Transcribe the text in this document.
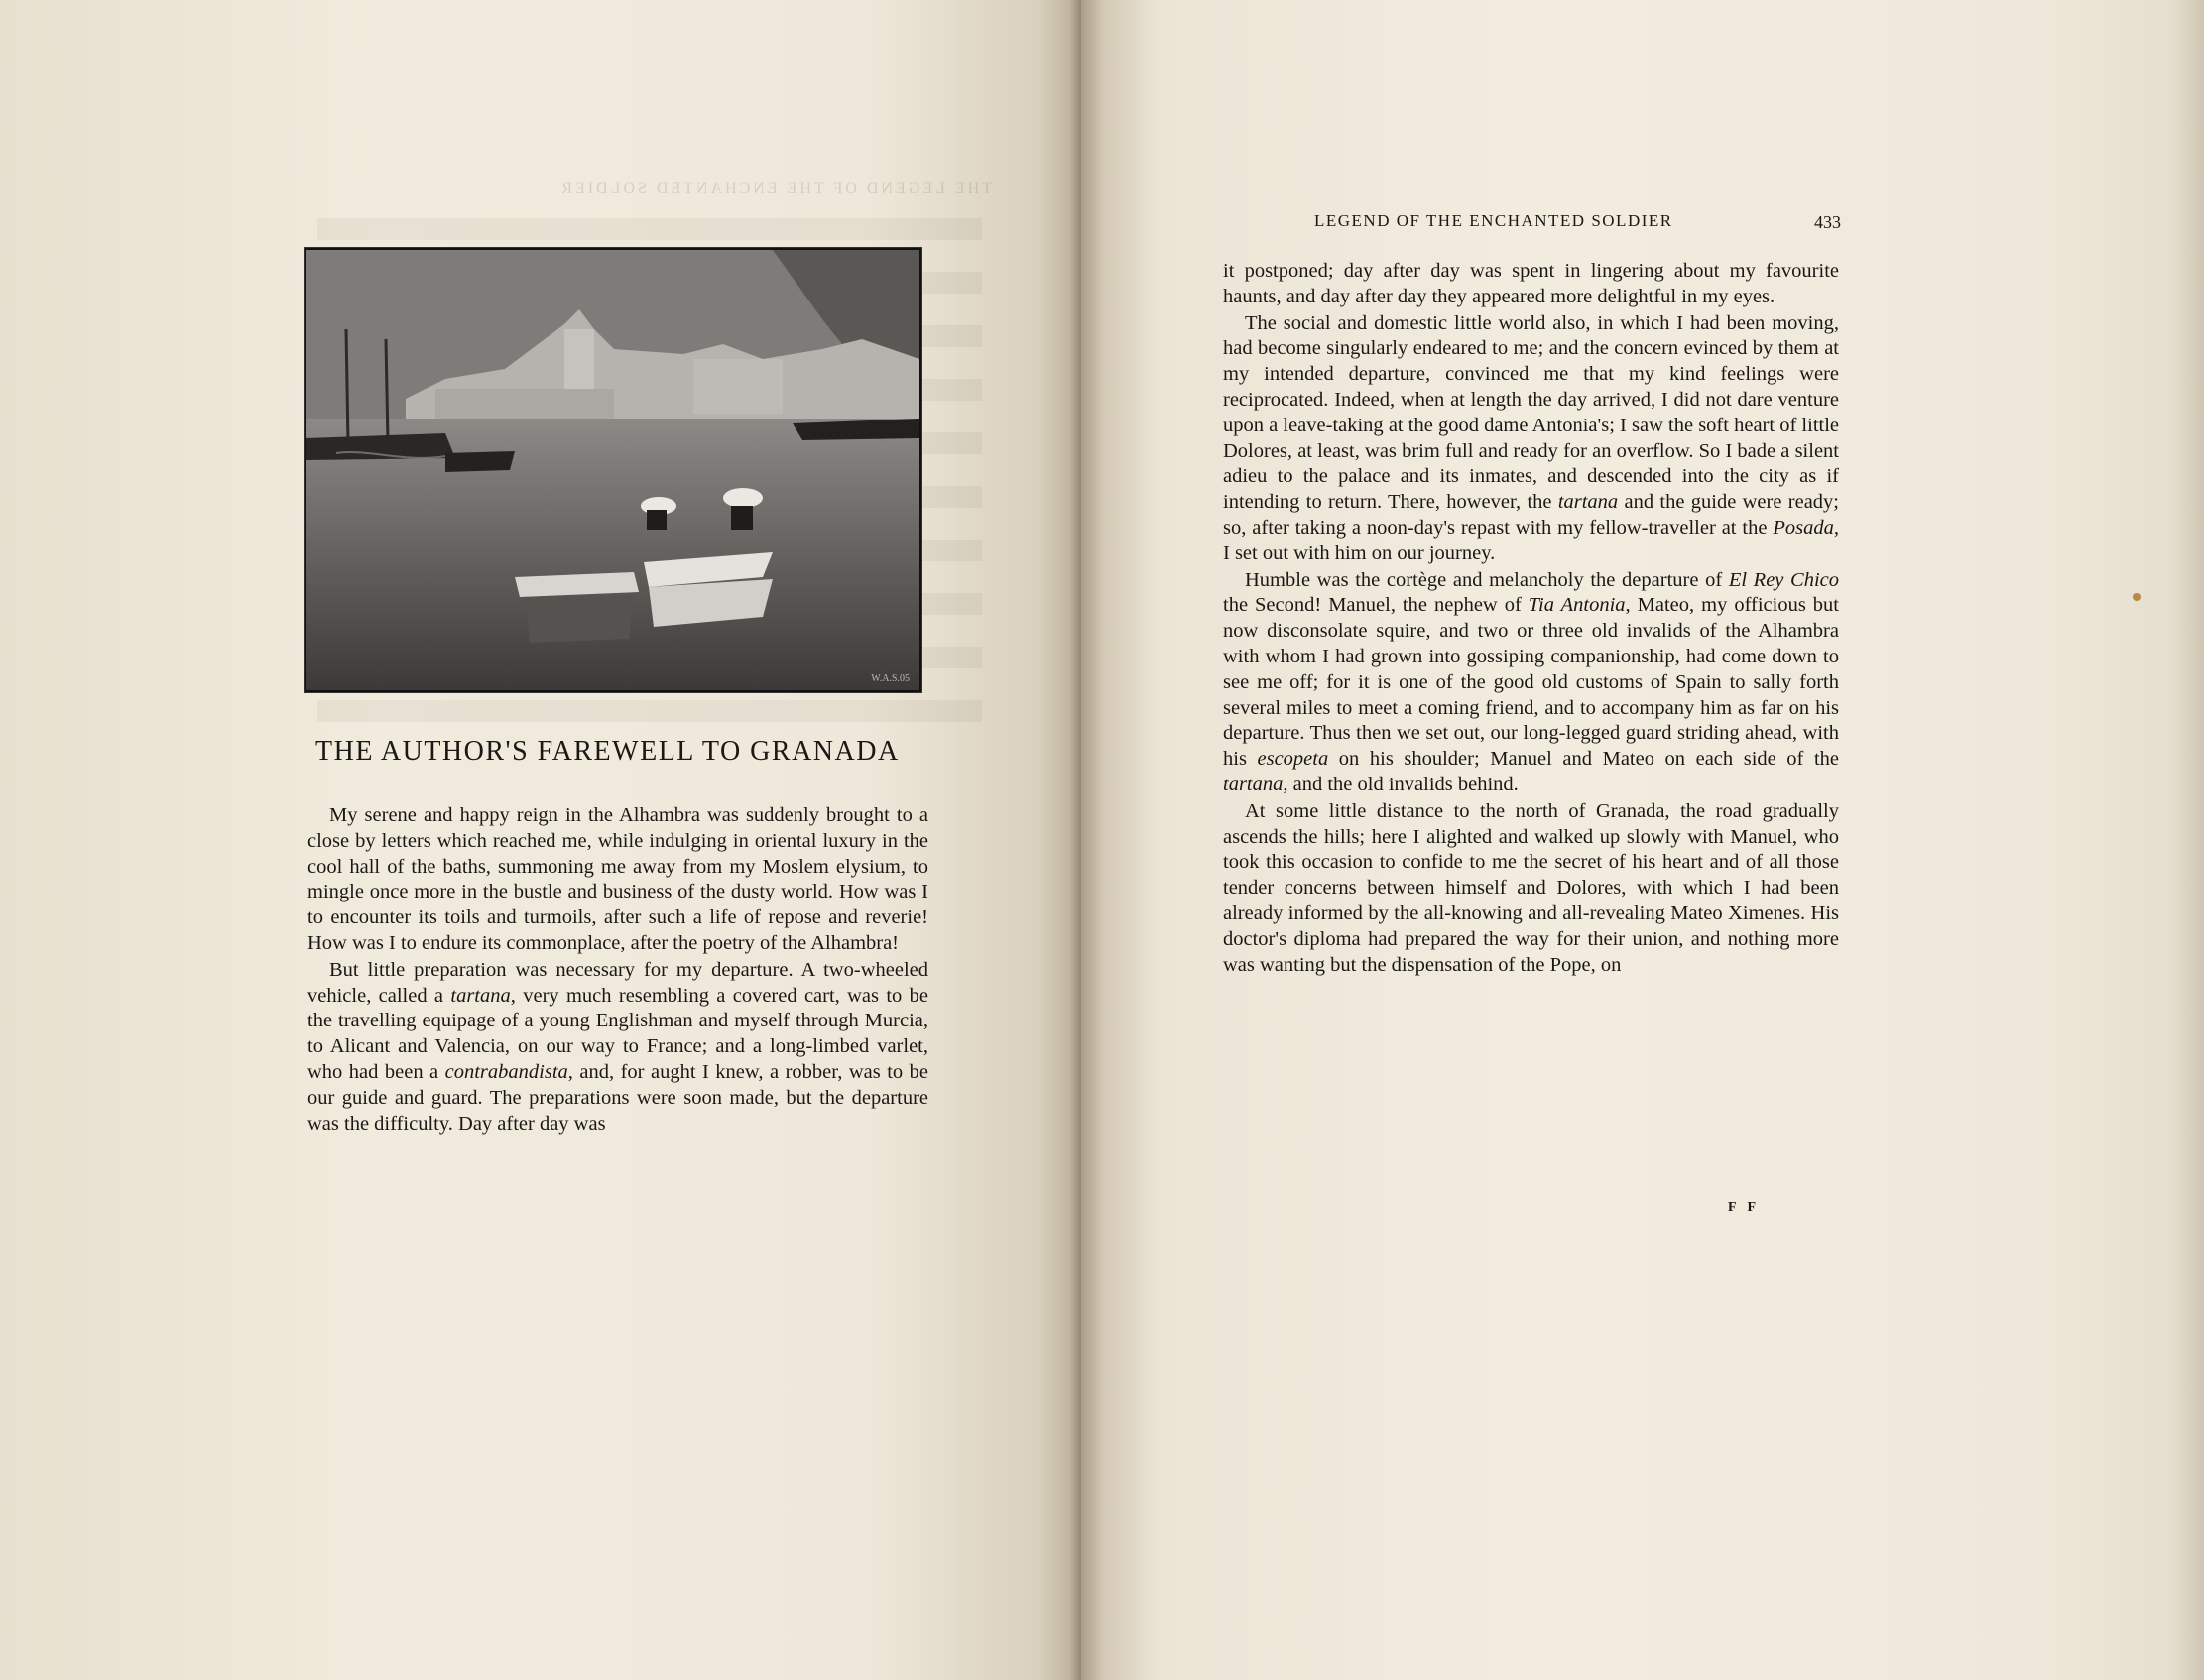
THE LEGEND OF THE ENCHANTED SOLDIER
W.A.S.05
THE AUTHOR'S FAREWELL TO GRANADA

My serene and happy reign in the Alhambra was suddenly brought to a close by letters which reached me, while indulging in oriental luxury in the cool hall of the baths, summoning me away from my Moslem elysium, to mingle once more in the bustle and business of the dusty world. How was I to encounter its toils and turmoils, after such a life of repose and reverie! How was I to endure its commonplace, after the poetry of the Alhambra!

But little preparation was necessary for my departure. A two-wheeled vehicle, called a tartana, very much resembling a covered cart, was to be the travelling equipage of a young Englishman and myself through Murcia, to Alicant and Valencia, on our way to France; and a long-limbed varlet, who had been a contrabandista, and, for aught I knew, a robber, was to be our guide and guard. The preparations were soon made, but the departure was the difficulty. Day after day was

LEGEND OF THE ENCHANTED SOLDIER	433

it postponed; day after day was spent in lingering about my favourite haunts, and day after day they appeared more delightful in my eyes.

The social and domestic little world also, in which I had been moving, had become singularly endeared to me; and the concern evinced by them at my intended departure, convinced me that my kind feelings were reciprocated. Indeed, when at length the day arrived, I did not dare venture upon a leave-taking at the good dame Antonia's; I saw the soft heart of little Dolores, at least, was brim full and ready for an overflow. So I bade a silent adieu to the palace and its inmates, and descended into the city as if intending to return. There, however, the tartana and the guide were ready; so, after taking a noon-day's repast with my fellow-traveller at the Posada, I set out with him on our journey.

Humble was the cortège and melancholy the departure of El Rey Chico the Second! Manuel, the nephew of Tia Antonia, Mateo, my officious but now disconsolate squire, and two or three old invalids of the Alhambra with whom I had grown into gossiping companionship, had come down to see me off; for it is one of the good old customs of Spain to sally forth several miles to meet a coming friend, and to accompany him as far on his departure. Thus then we set out, our long-legged guard striding ahead, with his escopeta on his shoulder; Manuel and Mateo on each side of the tartana, and the old invalids behind.

At some little distance to the north of Granada, the road gradually ascends the hills; here I alighted and walked up slowly with Manuel, who took this occasion to confide to me the secret of his heart and of all those tender concerns between himself and Dolores, with which I had been already informed by the all-knowing and all-revealing Mateo Ximenes. His doctor's diploma had prepared the way for their union, and nothing more was wanting but the dispensation of the Pope, on

F F
